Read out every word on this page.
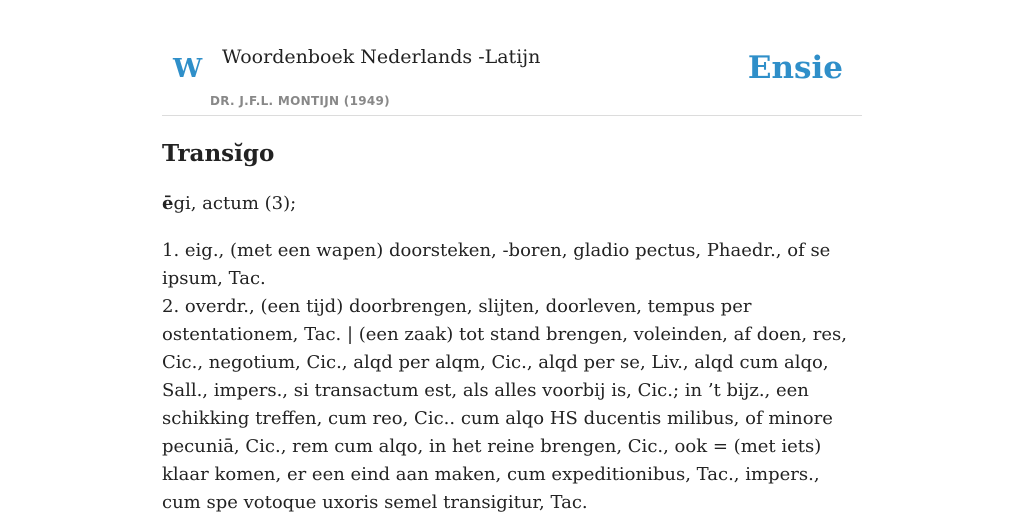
W Woordenboek Nederlands -Latijn
DR. J.F.L. MONTIJN (1949)
Ensie
Transĭgo

ēgi, actum (3);

1. eig., (met een wapen) doorsteken, -boren, gladio pectus, Phaedr., of se ipsum, Tac.
2. overdr., (een tijd) doorbrengen, slijten, doorleven, tempus per ostentationem, Tac. | (een zaak) tot stand brengen, voleinden, af doen, res, Cic., negotium, Cic., alqd per alqm, Cic., alqd per se, Liv., alqd cum alqo, Sall., impers., si transactum est, als alles voorbij is, Cic.; in ’t bijz., een schikking treffen, cum reo, Cic.. cum alqo HS ducentis milibus, of minore pecuniā, Cic., rem cum alqo, in het reine brengen, Cic., ook = (met iets) klaar komen, er een eind aan maken, cum expeditionibus, Tac., impers., cum spe votoque uxoris semel transigitur, Tac.
